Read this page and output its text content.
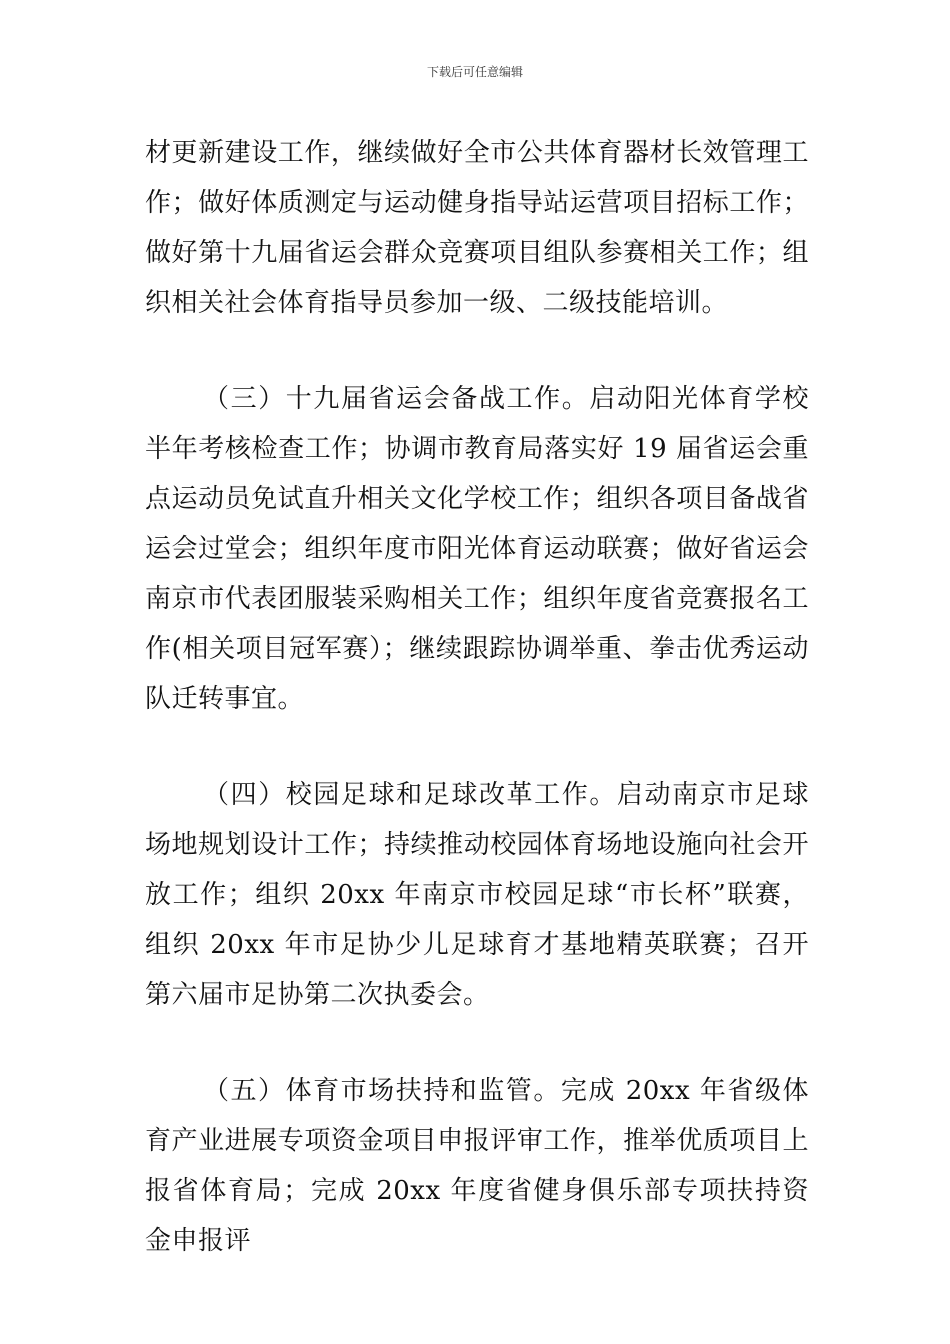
下载后可任意编辑

材更新建设工作，继续做好全市公共体育器材长效管理工作；做好体质测定与运动健身指导站运营项目招标工作；做好第十九届省运会群众竞赛项目组队参赛相关工作；组织相关社会体育指导员参加一级、二级技能培训。

（三）十九届省运会备战工作。启动阳光体育学校半年考核检查工作；协调市教育局落实好 19 届省运会重点运动员免试直升相关文化学校工作；组织各项目备战省运会过堂会；组织年度市阳光体育运动联赛；做好省运会南京市代表团服装采购相关工作；组织年度省竞赛报名工作(相关项目冠军赛）；继续跟踪协调举重、拳击优秀运动队迁转事宜。

（四）校园足球和足球改革工作。启动南京市足球场地规划设计工作；持续推动校园体育场地设施向社会开放工作；组织 20xx 年南京市校园足球“市长杯”联赛，组织 20xx 年市足协少儿足球育才基地精英联赛；召开第六届市足协第二次执委会。

（五）体育市场扶持和监管。完成 20xx 年省级体育产业进展专项资金项目申报评审工作，推举优质项目上报省体育局；完成 20xx 年度省健身俱乐部专项扶持资金申报评
